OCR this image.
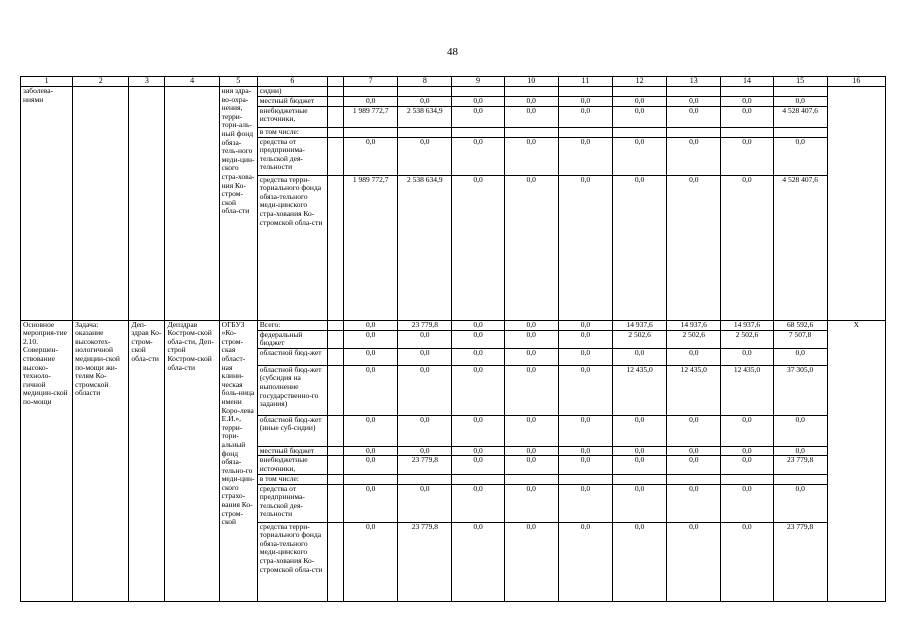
48
1	2	3	4	5	6		7	8	9	10	11	12	13	14	15	16
заболева-ниями				ния здра-во-охра-нения, терри-тори-аль-ный фонд обяза-тель-ного меди-цин-ского стра-хова-ния Ко-стром-ской обла-сти	сидии)											
					местный бюджет		0,0	0,0	0,0	0,0	0,0	0,0	0,0	0,0	0,0	
					внебюджетные источники,		1 989 772,7	2 538 634,9	0,0	0,0	0,0	0,0	0,0	0,0	4 528 407,6	
					в том числе:											
					средства от предпринима-тельской дея-тельности		0,0	0,0	0,0	0,0	0,0	0,0	0,0	0,0	0,0	
					средства терри-ториального фонда обяза-тельного меди-цинского стра-хования Ко-стромской обла-сти		1 989 772,7	2 538 634,9	0,0	0,0	0,0	0,0	0,0	0,0	4 528 407,6	
Основное мероприя-тие 2.10. Совершен-ствование высоко-техноло-гичной медицин-ской по-мощи	Задача: оказание высокотех-нологичной медицин-ской по-мощи жи-телям Ко-стромской области	Деп-здрав Ко-стром-ской обла-сти	Депздрав Костром-ской обла-сти, Деп-строй Костром-ской обла-сти	ОГБУЗ «Ко-стром-ская област-ная клини-ческая боль-ница имени Коро-лева Е.И.», терри-тори-альный фонд обяза-тельно-го меди-цин-ского страхо-вания Ко-стром-ской	Всего:		0,0	23 779,8	0,0	0,0	0,0	14 937,6	14 937,6	14 937,6	68 592,6	Х
					федеральный бюджет		0,0	0,0	0,0	0,0	0,0	2 502,6	2 502,6	2 502,6	7 507,8	
					областной бюд-жет		0,0	0,0	0,0	0,0	0,0	0,0	0,0	0,0	0,0	
					областной бюд-жет (субсидия на выполнение государственно-го задания)		0,0	0,0	0,0	0,0	0,0	12 435,0	12 435,0	12 435,0	37 305,0	
					областной бюд-жет (иные суб-сидии)		0,0	0,0	0,0	0,0	0,0	0,0	0,0	0,0	0,0	
					местный бюджет		0,0	0,0	0,0	0,0	0,0	0,0	0,0	0,0	0,0	
					внебюджетные источники,		0,0	23 779,8	0,0	0,0	0,0	0,0	0,0	0,0	23 779,8	
					в том числе:											
					средства от предпринима-тельской дея-тельности		0,0	0,0	0,0	0,0	0,0	0,0	0,0	0,0	0,0	
					средства терри-ториального фонда обяза-тельного меди-цинского стра-хования Ко-стромской обла-сти		0,0	23 779,8	0,0	0,0	0,0	0,0	0,0	0,0	23 779,8	
